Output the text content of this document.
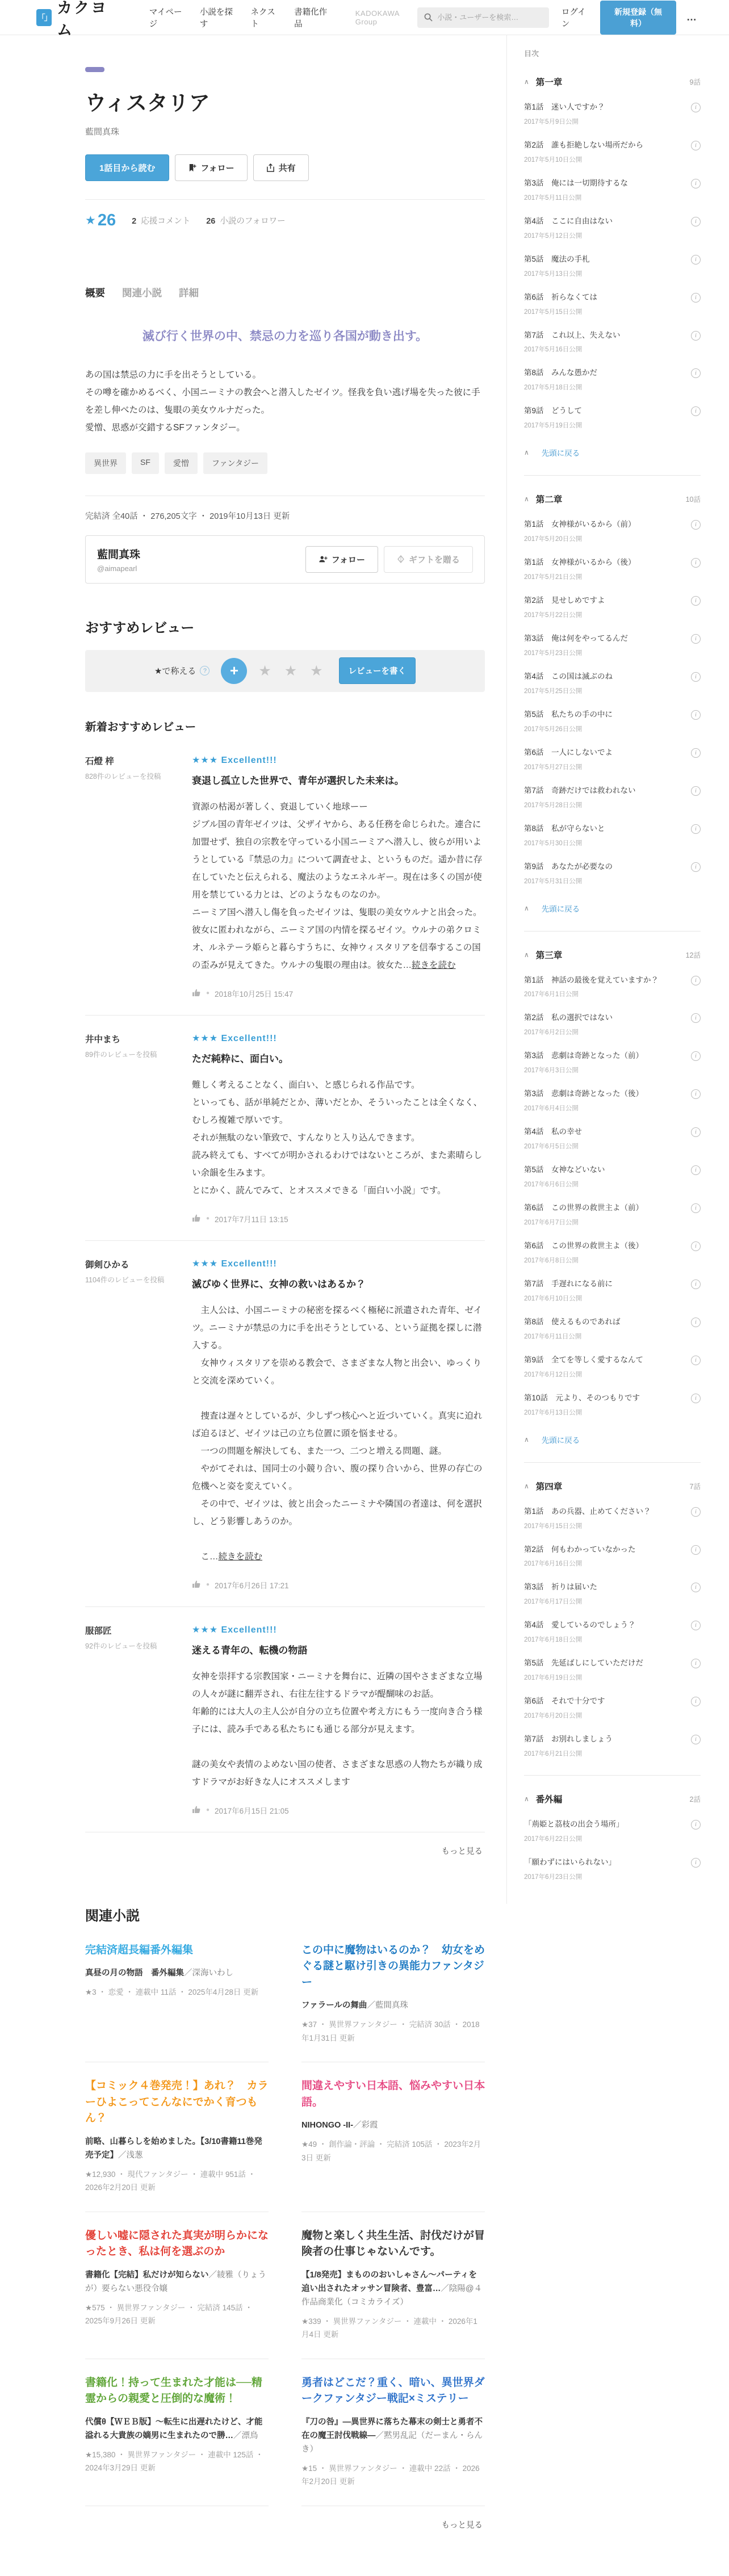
「」
カクヨム
マイページ
小説を探す
ネクスト
書籍化作品
KADOKAWA Group
小説・ユーザーを検索…
ログイン
新規登録（無料）
…
ウィスタリア
藍間真珠
1話目から読む	フォロー	共有
★ 26 2 応援コメント 26 小説のフォロワー
概要 関連小説 詳細

滅び行く世界の中、禁忌の力を巡り各国が動き出す。

あの国は禁忌の力に手を出そうとしている。

その噂を確かめるべく、小国ニーミナの教会へと潜入したゼイツ。怪我を負い逃げ場を失った彼に手を差し伸べたのは、隻眼の美女ウルナだった。

愛憎、思惑が交錯するSFファンタジー。

異世界	SF	愛憎	ファンタジー
完結済 全40話 ・ 276,205文字 ・ 2019年10月13日 更新
藍間真珠
@aimapearl
フォロー	ギフトを贈る
おすすめレビュー
★で称える	?	+	★ ★ ★	レビューを書く
新着おすすめレビュー
石燈 梓
828件のレビューを投稿
★★★ Excellent!!!
衰退し孤立した世界で、青年が選択した未来は。

資源の枯渇が著しく、衰退していく地球ーー

ジブル国の青年ゼイツは、父ザイヤから、ある任務を命じられた。連合に加盟せず、独自の宗教を守っている小国ニーミアへ潜入し、彼らが用いようとしている『禁忌の力』について調査せよ、というものだ。遥か昔に存在していたと伝えられる、魔法のようなエネルギー。現在は多くの国が使用を禁じている力とは、どのようなものなのか。

ニーミア国へ潜入し傷を負ったゼイツは、隻眼の美女ウルナと出会った。彼女に匿われながら、ニーミア国の内情を探るゼイツ。ウルナの弟クロミオ、ルネテーラ姫らと暮らすうちに、女神ウィスタリアを信奉するこの国の歪みが見えてきた。ウルナの隻眼の理由は。彼女た…続きを読む

● 2018年10月25日 15:47
井中まち
89件のレビューを投稿
★★★ Excellent!!!
ただ純粋に、面白い。

難しく考えることなく、面白い、と感じられる作品です。

といっても、話が単純だとか、薄いだとか、そういったことは全くなく、むしろ複雑で厚いです。

それが無駄のない筆致で、すんなりと入り込んできます。

読み終えても、すべてが明かされるわけではないところが、また素晴らしい余韻を生みます。

とにかく、読んでみて、とオススメできる「面白い小説」です。

● 2017年7月11日 13:15
御剣ひかる
1104件のレビューを投稿
★★★ Excellent!!!
滅びゆく世界に、女神の救いはあるか？

　主人公は、小国ニーミナの秘密を探るべく極秘に派遣された青年、ゼイツ。ニーミナが禁忌の力に手を出そうとしている、という証拠を探しに潜入する。

　女神ウィスタリアを崇める教会で、さまざまな人物と出会い、ゆっくりと交流を深めていく。

　捜査は遅々としているが、少しずつ核心へと近づいていく。真実に迫れば迫るほど、ゼイツは己の立ち位置に頭を悩ませる。

　一つの問題を解決しても、また一つ、二つと増える問題、謎。

　やがてそれは、国同士の小競り合い、腹の探り合いから、世界の存亡の危機へと姿を変えていく。

　その中で、ゼイツは、彼と出会ったニーミナや隣国の者達は、何を選択し、どう影響しあうのか。

　こ…続きを読む

● 2017年6月26日 17:21
服部匠
92件のレビューを投稿
★★★ Excellent!!!
迷える青年の、転機の物語

女神を崇拝する宗教国家・ニーミナを舞台に、近隣の国やさまざまな立場の人々が謎に翻弄され、右往左往するドラマが醍醐味のお話。

年齢的には大人の主人公が自分の立ち位置や考え方にもう一度向き合う様子には、読み手である私たちにも通じる部分が見えます。

謎の美女や表情のよめない国の使者、さまざまな思惑の人物たちが織り成すドラマがお好きな人にオススメします

● 2017年6月15日 21:05
もっと見る
関連小説
完結済超長編番外編集
真昼の月の物語　番外編集／深海いわし
★3 ・ 恋愛 ・ 連載中 11話 ・ 2025年4月28日 更新
この中に魔物はいるのか？　幼女をめぐる謎と駆け引きの異能力ファンタジー
ファラールの舞曲／藍間真珠
★37 ・ 異世界ファンタジー ・ 完結済 30話 ・ 2018年1月31日 更新
【コミック４巻発売！】あれ？　カラーひよこってこんなにでかく育つもん？
前略、山暮らしを始めました。【3/10書籍11巻発売予定】／浅葱
★12,930 ・ 現代ファンタジー ・ 連載中 951話 ・ 2026年2月20日 更新
間違えやすい日本語、悩みやすい日本語。
NIHONGO -II-／彩霞
★49 ・ 創作論・評論 ・ 完結済 105話 ・ 2023年2月3日 更新
優しい嘘に隠された真実が明らかになったとき、私は何を選ぶのか
書籍化【完結】私だけが知らない／綾雅（りょうが）要らない悪役令嬢
★575 ・ 異世界ファンタジー ・ 完結済 145話 ・ 2025年9月26日 更新
魔物と楽しく共生生活、討伐だけが冒険者の仕事じゃないんです。
【1/8発売】まもののおいしゃさん～パーティを追い出されたオッサン冒険者、豊富…／陰陽@４作品商業化（コミカライズ）
★339 ・ 異世界ファンタジー ・ 連載中 ・ 2026年1月4日 更新
書籍化！持って生まれた才能は──精霊からの親愛と圧倒的な魔術！
代償θ【ＷＥＢ版】～転生に出遅れたけど、才能溢れる大貴族の嫡男に生まれたので勝…／漂鳥
★15,380 ・ 異世界ファンタジー ・ 連載中 125話 ・ 2024年3月29日 更新
勇者はどこだ？重く、暗い、異世界ダークファンタジー戦記×ミステリー
『刀の咎』―異世界に落ちた幕末の剣士と勇者不在の魔王討伐戦線―／黙男乱記（だーまん・らんき）
★15 ・ 異世界ファンタジー ・ 連載中 22話 ・ 2026年2月20日 更新
もっと見る
目次
∧ 第一章	9話
第1話　迷い人ですか？
2017年5月9日公開
i
第2話　誰も拒絶しない場所だから
2017年5月10日公開
i
第3話　俺には一切期待するな
2017年5月11日公開
i
第4話　ここに自由はない
2017年5月12日公開
i
第5話　魔法の手札
2017年5月13日公開
i
第6話　祈らなくては
2017年5月15日公開
i
第7話　これ以上、失えない
2017年5月16日公開
i
第8話　みんな愚かだ
2017年5月18日公開
i
第9話　どうして
2017年5月19日公開
i
∧ 先頭に戻る
∧ 第二章	10話
第1話　女神様がいるから（前）
2017年5月20日公開
i
第1話　女神様がいるから（後）
2017年5月21日公開
i
第2話　見せしめですよ
2017年5月22日公開
i
第3話　俺は何をやってるんだ
2017年5月23日公開
i
第4話　この国は滅ぶのね
2017年5月25日公開
i
第5話　私たちの手の中に
2017年5月26日公開
i
第6話　一人にしないでよ
2017年5月27日公開
i
第7話　奇跡だけでは救われない
2017年5月28日公開
i
第8話　私が守らないと
2017年5月30日公開
i
第9話　あなたが必要なの
2017年5月31日公開
i
∧ 先頭に戻る
∧ 第三章	12話
第1話　神話の最後を覚えていますか？
2017年6月1日公開
i
第2話　私の選択ではない
2017年6月2日公開
i
第3話　悲劇は奇跡となった（前）
2017年6月3日公開
i
第3話　悲劇は奇跡となった（後）
2017年6月4日公開
i
第4話　私の幸せ
2017年6月5日公開
i
第5話　女神などいない
2017年6月6日公開
i
第6話　この世界の救世主よ（前）
2017年6月7日公開
i
第6話　この世界の救世主よ（後）
2017年6月8日公開
i
第7話　手遅れになる前に
2017年6月10日公開
i
第8話　使えるものであれば
2017年6月11日公開
i
第9話　全てを等しく愛するなんて
2017年6月12日公開
i
第10話　元より、そのつもりです
2017年6月13日公開
i
∧ 先頭に戻る
∧ 第四章	7話
第1話　あの兵器、止めてください？
2017年6月15日公開
i
第2話　何もわかっていなかった
2017年6月16日公開
i
第3話　祈りは届いた
2017年6月17日公開
i
第4話　愛しているのでしょう？
2017年6月18日公開
i
第5話　先延ばしにしていただけだ
2017年6月19日公開
i
第6話　それで十分です
2017年6月20日公開
i
第7話　お別れしましょう
2017年6月21日公開
i
∧ 番外編	2話
「荊姫と茘枝の出会う場所」
2017年6月22日公開
i
「願わずにはいられない」
2017年6月23日公開
i
